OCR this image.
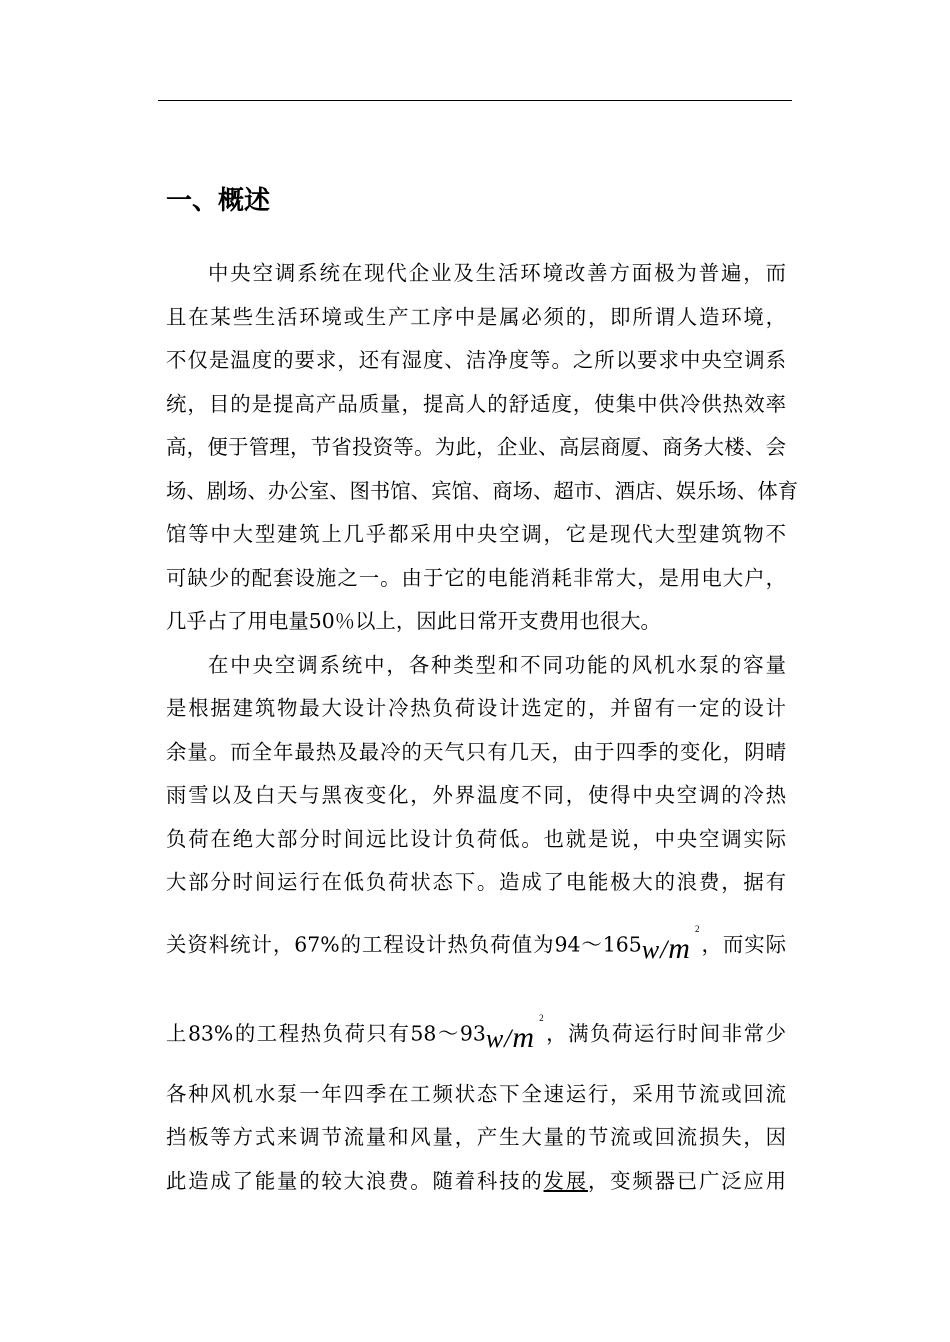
一、概述
中央空调系统在现代企业及生活环境改善方面极为普遍，而
且在某些生活环境或生产工序中是属必须的，即所谓人造环境，
不仅是温度的要求，还有湿度、洁净度等。之所以要求中央空调系
统，目的是提高产品质量，提高人的舒适度，使集中供冷供热效率
高，便于管理，节省投资等。为此，企业、高层商厦、商务大楼、会
场、剧场、办公室、图书馆、宾馆、商场、超市、酒店、娱乐场、体育
馆等中大型建筑上几乎都采用中央空调，它是现代大型建筑物不
可缺少的配套设施之一。由于它的电能消耗非常大，是用电大户，
几乎占了用电量50％以上，因此日常开支费用也很大。
在中央空调系统中，各种类型和不同功能的风机水泵的容量
是根据建筑物最大设计冷热负荷设计选定的，并留有一定的设计
余量。而全年最热及最冷的天气只有几天，由于四季的变化，阴晴
雨雪以及白天与黑夜变化，外界温度不同，使得中央空调的冷热
负荷在绝大部分时间远比设计负荷低。也就是说，中央空调实际
大部分时间运行在低负荷状态下。造成了电能极大的浪费，据有
关资料统计，67%的工程设计热负荷值为$94\sim 165w/m^2$，而实际
上83%的工程热负荷只有$58\sim 93w/m^2$，满负荷运行时间非常少
各种风机水泵一年四季在工频状态下全速运行，采用节流或回流
挡板等方式来调节流量和风量，产生大量的节流或回流损失，因
此造成了能量的较大浪费。随着科技的发展，变频器已广泛应用
